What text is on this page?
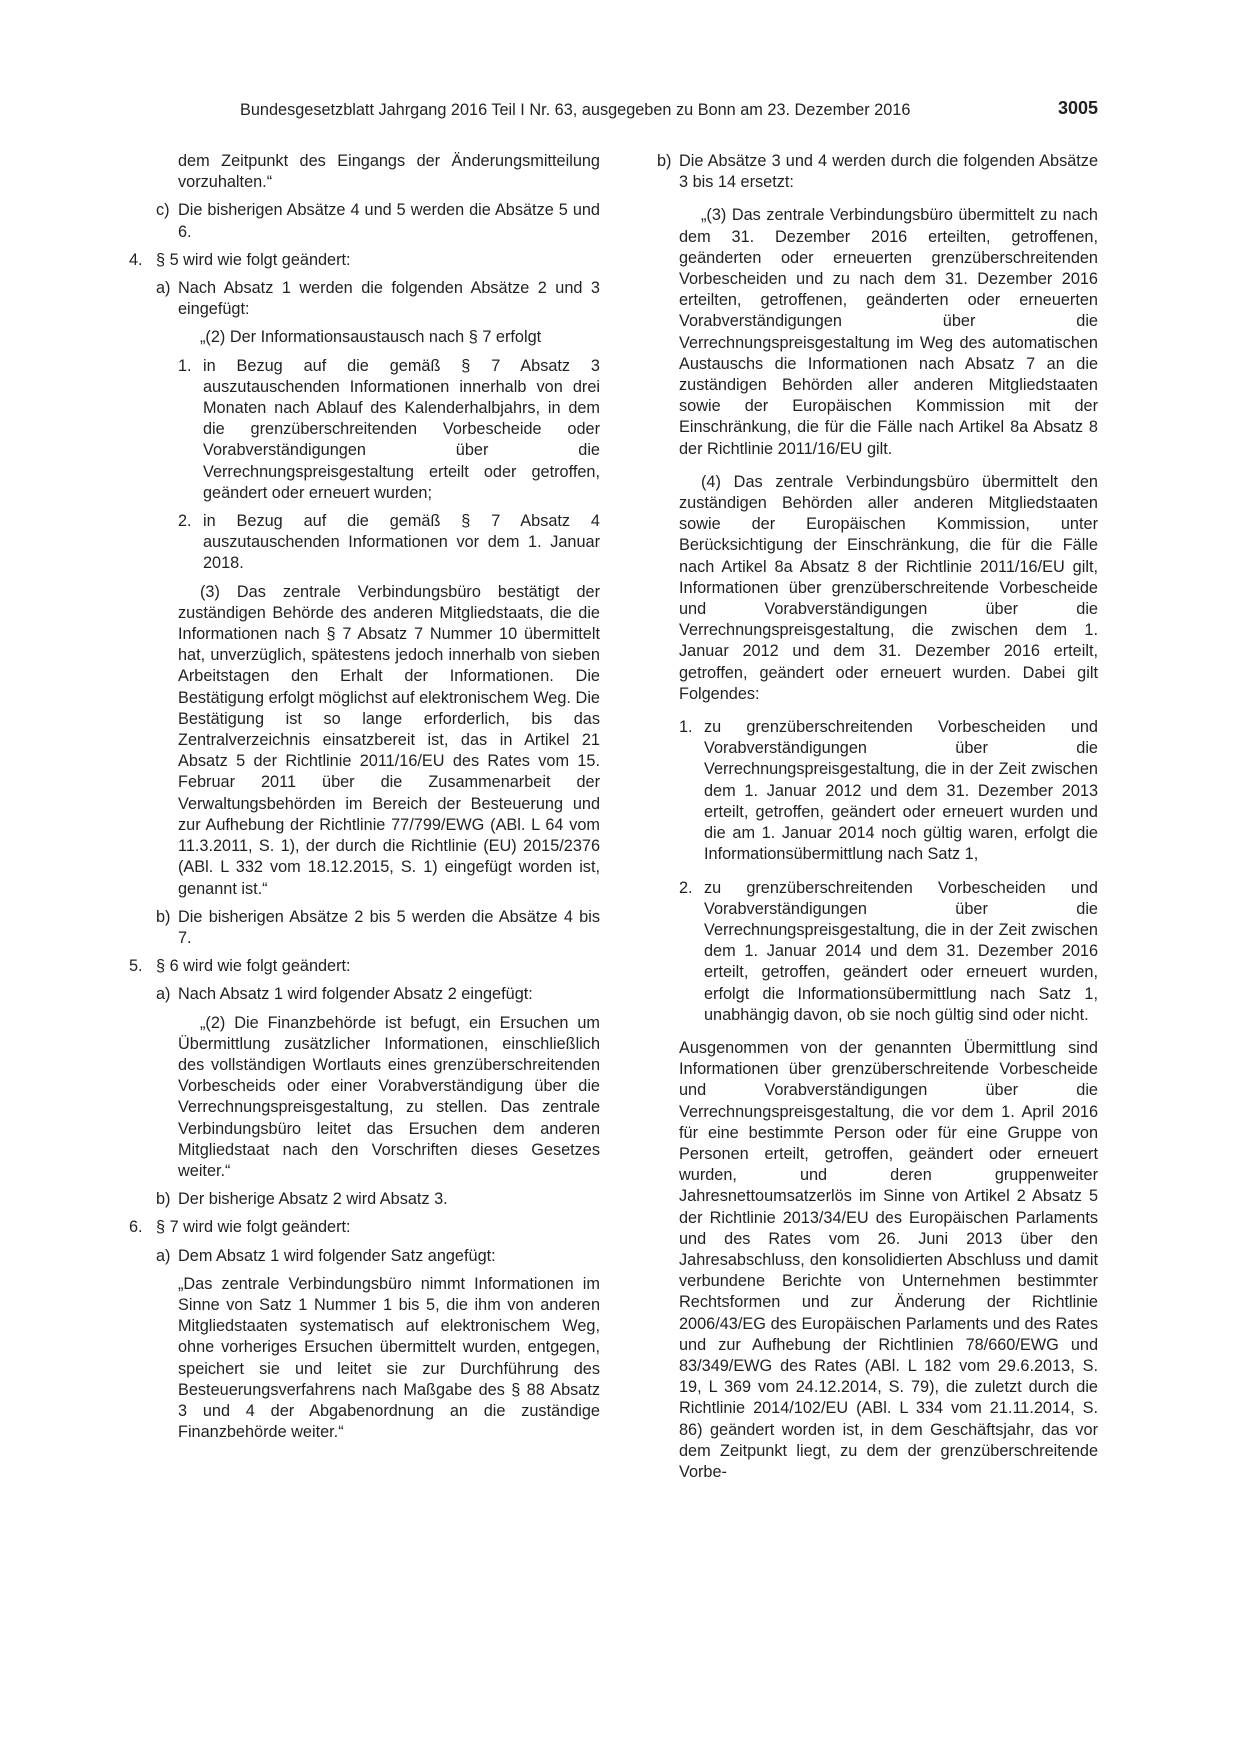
Bundesgesetzblatt Jahrgang 2016 Teil I Nr. 63, ausgegeben zu Bonn am 23. Dezember 2016	3005

dem Zeitpunkt des Eingangs der Änderungsmitteilung vorzuhalten.“

c) Die bisherigen Absätze 4 und 5 werden die Absätze 5 und 6.
4. § 5 wird wie folgt geändert:
a) Nach Absatz 1 werden die folgenden Absätze 2 und 3 eingefügt:

„(2) Der Informationsaustausch nach § 7 erfolgt

1. in Bezug auf die gemäß § 7 Absatz 3 auszutauschenden Informationen innerhalb von drei Monaten nach Ablauf des Kalenderhalbjahrs, in dem die grenzüberschreitenden Vorbescheide oder Vorabverständigungen über die Verrechnungspreisgestaltung erteilt oder getroffen, geändert oder erneuert wurden;
2. in Bezug auf die gemäß § 7 Absatz 4 auszutauschenden Informationen vor dem 1. Januar 2018.

(3) Das zentrale Verbindungsbüro bestätigt der zuständigen Behörde des anderen Mitgliedstaats, die die Informationen nach § 7 Absatz 7 Nummer 10 übermittelt hat, unverzüglich, spätestens jedoch innerhalb von sieben Arbeitstagen den Erhalt der Informationen. Die Bestätigung erfolgt möglichst auf elektronischem Weg. Die Bestätigung ist so lange erforderlich, bis das Zentralverzeichnis einsatzbereit ist, das in Artikel 21 Absatz 5 der Richtlinie 2011/16/EU des Rates vom 15. Februar 2011 über die Zusammenarbeit der Verwaltungsbehörden im Bereich der Besteuerung und zur Aufhebung der Richtlinie 77/799/EWG (ABl. L 64 vom 11.3.2011, S. 1), der durch die Richtlinie (EU) 2015/2376 (ABl. L 332 vom 18.12.2015, S. 1) eingefügt worden ist, genannt ist.“

b) Die bisherigen Absätze 2 bis 5 werden die Absätze 4 bis 7.
5. § 6 wird wie folgt geändert:
a) Nach Absatz 1 wird folgender Absatz 2 eingefügt:

„(2) Die Finanzbehörde ist befugt, ein Ersuchen um Übermittlung zusätzlicher Informationen, einschließlich des vollständigen Wortlauts eines grenzüberschreitenden Vorbescheids oder einer Vorabverständigung über die Verrechnungspreisgestaltung, zu stellen. Das zentrale Verbindungsbüro leitet das Ersuchen dem anderen Mitgliedstaat nach den Vorschriften dieses Gesetzes weiter.“

b) Der bisherige Absatz 2 wird Absatz 3.
6. § 7 wird wie folgt geändert:
a) Dem Absatz 1 wird folgender Satz angefügt:

„Das zentrale Verbindungsbüro nimmt Informationen im Sinne von Satz 1 Nummer 1 bis 5, die ihm von anderen Mitgliedstaaten systematisch auf elektronischem Weg, ohne vorheriges Ersuchen übermittelt wurden, entgegen, speichert sie und leitet sie zur Durchführung des Besteuerungsverfahrens nach Maßgabe des § 88 Absatz 3 und 4 der Abgabenordnung an die zuständige Finanzbehörde weiter.“

b) Die Absätze 3 und 4 werden durch die folgenden Absätze 3 bis 14 ersetzt:

„(3) Das zentrale Verbindungsbüro übermittelt zu nach dem 31. Dezember 2016 erteilten, getroffenen, geänderten oder erneuerten grenzüberschreitenden Vorbescheiden und zu nach dem 31. Dezember 2016 erteilten, getroffenen, geänderten oder erneuerten Vorabverständigungen über die Verrechnungspreisgestaltung im Weg des automatischen Austauschs die Informationen nach Absatz 7 an die zuständigen Behörden aller anderen Mitgliedstaaten sowie der Europäischen Kommission mit der Einschränkung, die für die Fälle nach Artikel 8a Absatz 8 der Richtlinie 2011/16/EU gilt.

(4) Das zentrale Verbindungsbüro übermittelt den zuständigen Behörden aller anderen Mitgliedstaaten sowie der Europäischen Kommission, unter Berücksichtigung der Einschränkung, die für die Fälle nach Artikel 8a Absatz 8 der Richtlinie 2011/16/EU gilt, Informationen über grenzüberschreitende Vorbescheide und Vorabverständigungen über die Verrechnungspreisgestaltung, die zwischen dem 1. Januar 2012 und dem 31. Dezember 2016 erteilt, getroffen, geändert oder erneuert wurden. Dabei gilt Folgendes:

1. zu grenzüberschreitenden Vorbescheiden und Vorabverständigungen über die Verrechnungspreisgestaltung, die in der Zeit zwischen dem 1. Januar 2012 und dem 31. Dezember 2013 erteilt, getroffen, geändert oder erneuert wurden und die am 1. Januar 2014 noch gültig waren, erfolgt die Informationsübermittlung nach Satz 1,
2. zu grenzüberschreitenden Vorbescheiden und Vorabverständigungen über die Verrechnungspreisgestaltung, die in der Zeit zwischen dem 1. Januar 2014 und dem 31. Dezember 2016 erteilt, getroffen, geändert oder erneuert wurden, erfolgt die Informationsübermittlung nach Satz 1, unabhängig davon, ob sie noch gültig sind oder nicht.

Ausgenommen von der genannten Übermittlung sind Informationen über grenzüberschreitende Vorbescheide und Vorabverständigungen über die Verrechnungspreisgestaltung, die vor dem 1. April 2016 für eine bestimmte Person oder für eine Gruppe von Personen erteilt, getroffen, geändert oder erneuert wurden, und deren gruppenweiter Jahresnettoumsatzerlös im Sinne von Artikel 2 Absatz 5 der Richtlinie 2013/34/EU des Europäischen Parlaments und des Rates vom 26. Juni 2013 über den Jahresabschluss, den konsolidierten Abschluss und damit verbundene Berichte von Unternehmen bestimmter Rechtsformen und zur Änderung der Richtlinie 2006/43/EG des Europäischen Parlaments und des Rates und zur Aufhebung der Richtlinien 78/660/EWG und 83/349/EWG des Rates (ABl. L 182 vom 29.6.2013, S. 19, L 369 vom 24.12.2014, S. 79), die zuletzt durch die Richtlinie 2014/102/EU (ABl. L 334 vom 21.11.2014, S. 86) geändert worden ist, in dem Geschäftsjahr, das vor dem Zeitpunkt liegt, zu dem der grenzüberschreitende Vorbe-
